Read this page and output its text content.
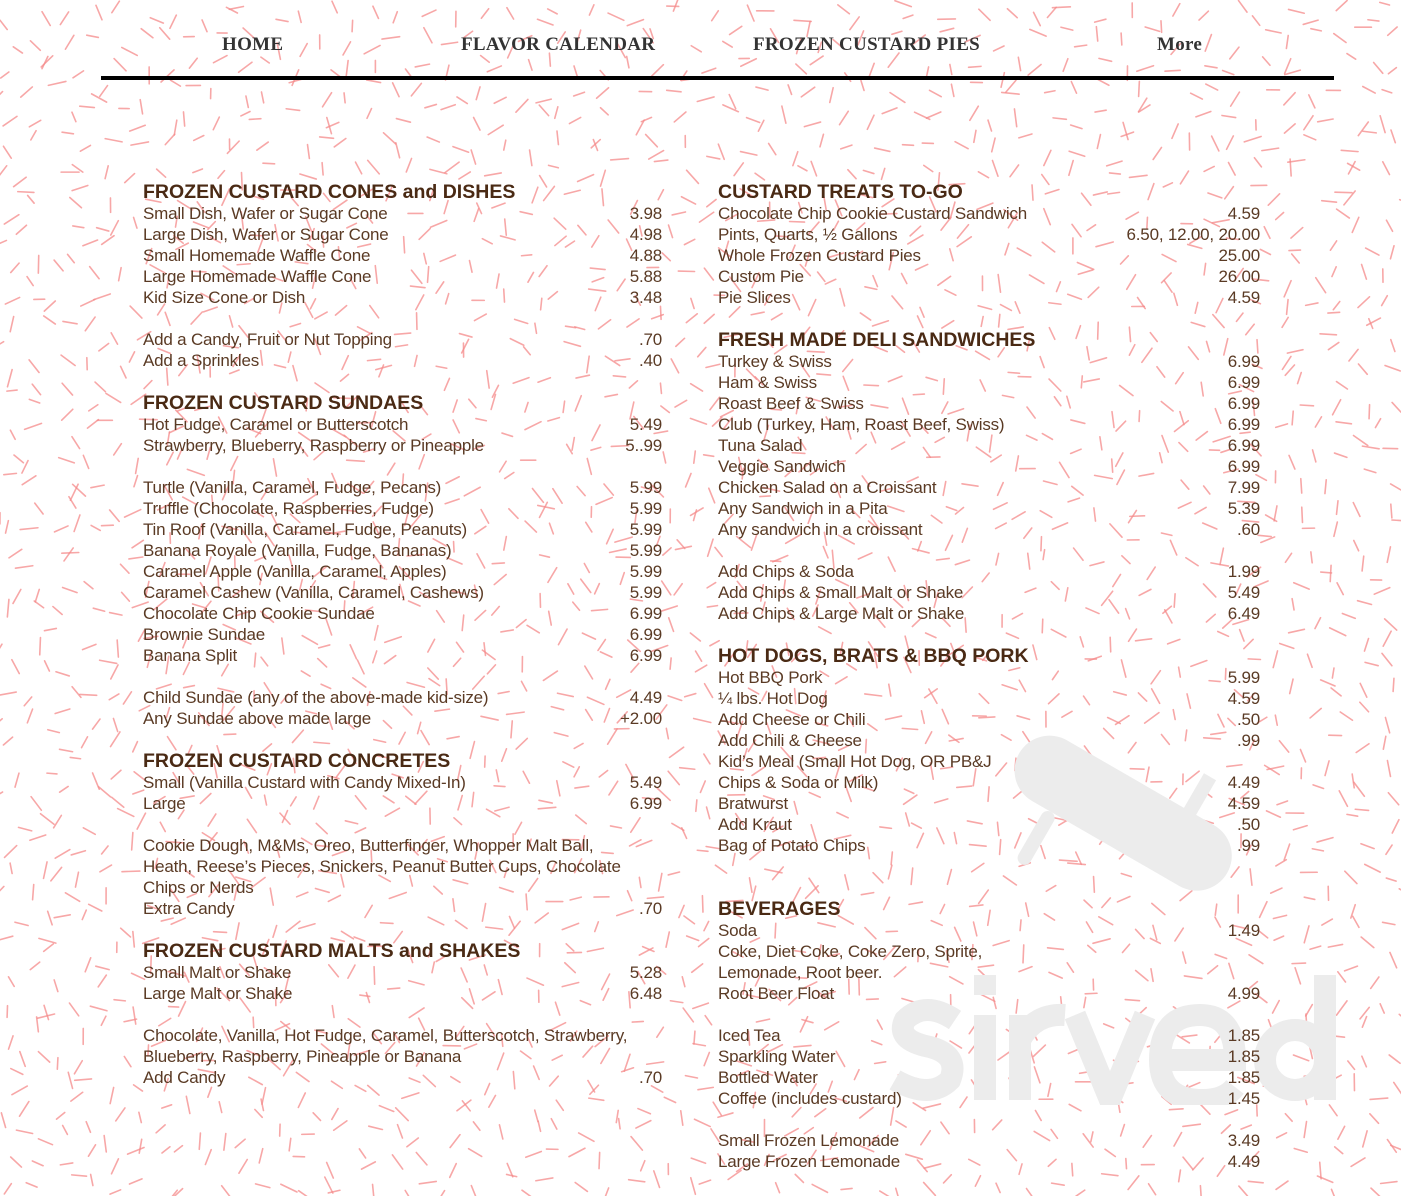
HOME	FLAVOR CALENDAR	FROZEN CUSTARD PIES	More
FROZEN CUSTARD CONES and DISHES
Small Dish, Wafer or Sugar Cone	3.98
Large Dish, Wafer or Sugar Cone	4.98
Small Homemade Waffle Cone	4.88
Large Homemade Waffle Cone	5.88
Kid Size Cone or Dish	3.48
Add a Candy, Fruit or Nut Topping	.70
Add a Sprinkles	.40
FROZEN CUSTARD SUNDAES
Hot Fudge, Caramel or Butterscotch	5.49
Strawberry, Blueberry, Raspberry or Pineapple	5..99
Turtle (Vanilla, Caramel, Fudge, Pecans)	5.99
Truffle (Chocolate, Raspberries, Fudge)	5.99
Tin Roof (Vanilla, Caramel, Fudge, Peanuts)	5.99
Banana Royale (Vanilla, Fudge, Bananas)	5.99
Caramel Apple (Vanilla, Caramel, Apples)	5.99
Caramel Cashew (Vanilla, Caramel, Cashews)	5.99
Chocolate Chip Cookie Sundae	6.99
Brownie Sundae	6.99
Banana Split	6.99
Child Sundae (any of the above-made kid-size)	4.49
Any Sundae above made large	+2.00
FROZEN CUSTARD CONCRETES
Small (Vanilla Custard with Candy Mixed-In)	5.49
Large	6.99
Cookie Dough, M&Ms, Oreo, Butterfinger, Whopper Malt Ball,
Heath, Reese’s Pieces, Snickers, Peanut Butter Cups, Chocolate
Chips or Nerds
Extra Candy	.70
FROZEN CUSTARD MALTS and SHAKES
Small Malt or Shake	5.28
Large Malt or Shake	6.48
Chocolate, Vanilla, Hot Fudge, Caramel, Butterscotch, Strawberry,
Blueberry, Raspberry, Pineapple or Banana
Add Candy	.70
CUSTARD TREATS TO-GO
Chocolate Chip Cookie Custard Sandwich	4.59
Pints, Quarts, ½ Gallons	6.50, 12.00, 20.00
Whole Frozen Custard Pies	25.00
Custom Pie	26.00
Pie Slices	4.59
FRESH MADE DELI SANDWICHES
Turkey & Swiss	6.99
Ham & Swiss	6.99
Roast Beef & Swiss	6.99
Club (Turkey, Ham, Roast Beef, Swiss)	6.99
Tuna Salad	6.99
Veggie Sandwich	6.99
Chicken Salad on a Croissant	7.99
Any Sandwich in a Pita	5.39
Any sandwich in a croissant	.60
Add Chips & Soda	1.99
Add Chips & Small Malt or Shake	5.49
Add Chips & Large Malt or Shake	6.49
HOT DOGS, BRATS & BBQ PORK
Hot BBQ Pork	5.99
¼ lbs. Hot Dog	4.59
Add Cheese or Chili	.50
Add Chili & Cheese	.99
Kid’s Meal (Small Hot Dog, OR PB&J
Chips & Soda or Milk)	4.49
Bratwurst	4.59
Add Kraut	.50
Bag of Potato Chips	.99
BEVERAGES
Soda	1.49
Coke, Diet Coke, Coke Zero, Sprite,
Lemonade, Root beer.
Root Beer Float	4.99
Iced Tea	1.85
Sparkling Water	1.85
Bottled Water	1.85
Coffee (includes custard)	1.45
Small Frozen Lemonade	3.49
Large Frozen Lemonade	4.49
